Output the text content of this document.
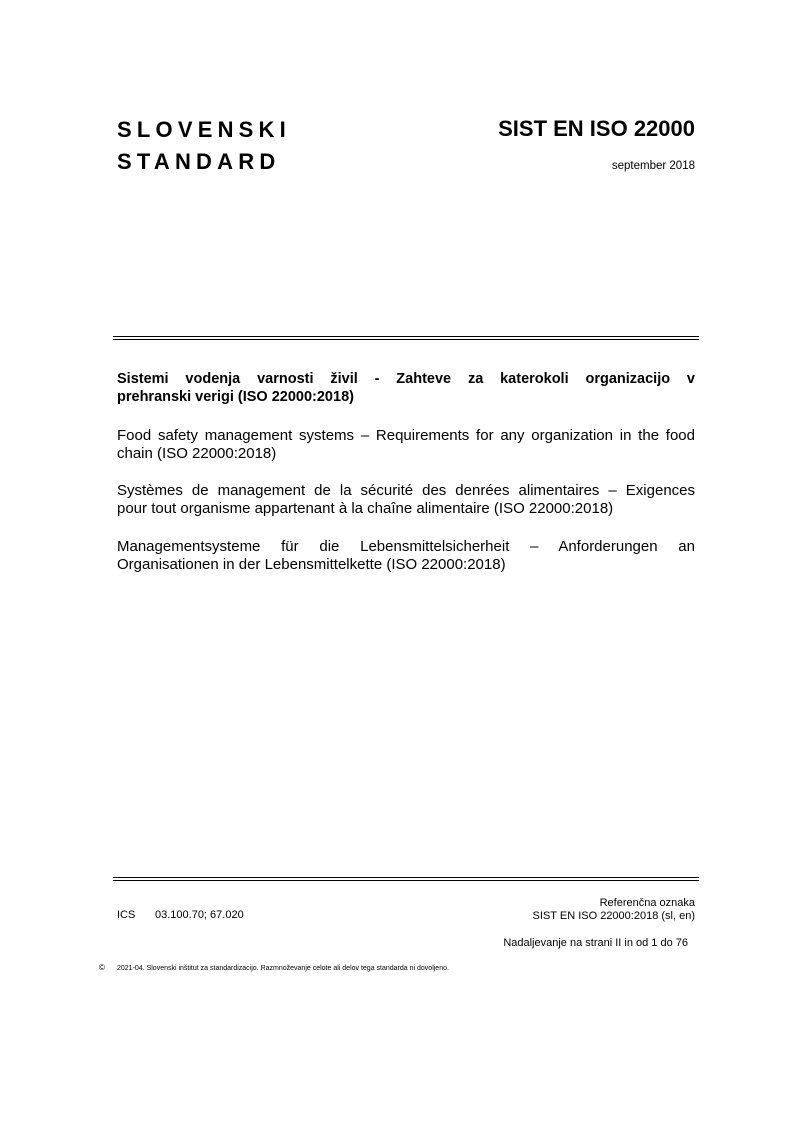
SLOVENSKI
STANDARD
SIST EN ISO 22000
september 2018
Sistemi vodenja varnosti živil - Zahteve za katerokoli organizacijo v
prehranski verigi (ISO 22000:2018)
Food safety management systems – Requirements for any organization in the food
chain (ISO 22000:2018)
Systèmes de management de la sécurité des denrées alimentaires – Exigences
pour tout organisme appartenant à la chaîne alimentaire (ISO 22000:2018)
Managementsysteme für die Lebensmittelsicherheit – Anforderungen an
Organisationen in der Lebensmittelkette (ISO 22000:2018)
ICS 03.100.70; 67.020
Referenčna oznaka
SIST EN ISO 22000:2018 (sl, en)
Nadaljevanje na strani II in od 1 do 76
© 2021-04. Slovenski inštitut za standardizacijo. Razmnoževanje celote ali delov tega standarda ni dovoljeno.
